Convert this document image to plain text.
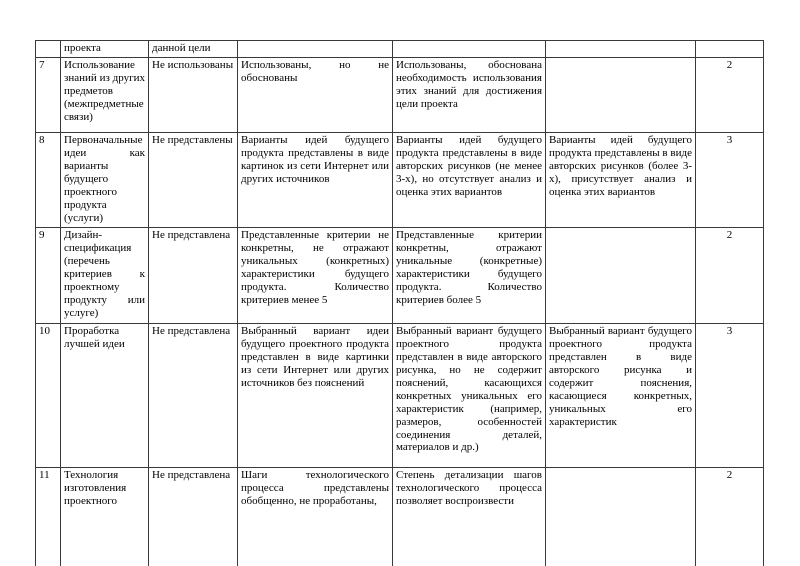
	проекта	данной цели				
7	Использование знаний из других предметов (межпредметные связи)	Не использованы	Использованы, но не обоснованы	Использованы, обоснована необходимость использования этих знаний для достижения цели проекта		2
8	Первоначальные идеи как варианты будущего проектного продукта (услуги)	Не представлены	Варианты идей будущего продукта представлены в виде картинок из сети Интернет или других источников	Варианты идей будущего продукта представлены в виде авторских рисунков (не менее 3-х), но отсутствует анализ и оценка этих вариантов	Варианты идей будущего продукта представлены в виде авторских рисунков (более 3-х), присутствует анализ и оценка этих вариантов	3
9	Дизайн-спецификация (перечень критериев к проектному продукту или услуге)	Не представлена	Представленные критерии не конкретны, не отражают уникальных (конкретных) характеристики будущего продукта. Количество критериев менее 5	Представленные критерии конкретны, отражают уникальные (конкретные) характеристики будущего продукта. Количество критериев более 5		2
10	Проработка лучшей идеи	Не представлена	Выбранный вариант идеи будущего проектного продукта представлен в виде картинки из сети Интернет или других источников без пояснений	Выбранный вариант будущего проектного продукта представлен в виде авторского рисунка, но не содержит пояснений, касающихся конкретных уникальных его характеристик (например, размеров, особенностей соединения деталей, материалов и др.)	Выбранный вариант будущего проектного продукта представлен в виде авторского рисунка и содержит пояснения, касающиеся конкретных, уникальных его характеристик	3
11	Технология изготовления проектного	Не представлена	Шаги технологического процесса представлены обобщенно, не проработаны,	Степень детализации шагов технологического процесса позволяет воспроизвести		2
